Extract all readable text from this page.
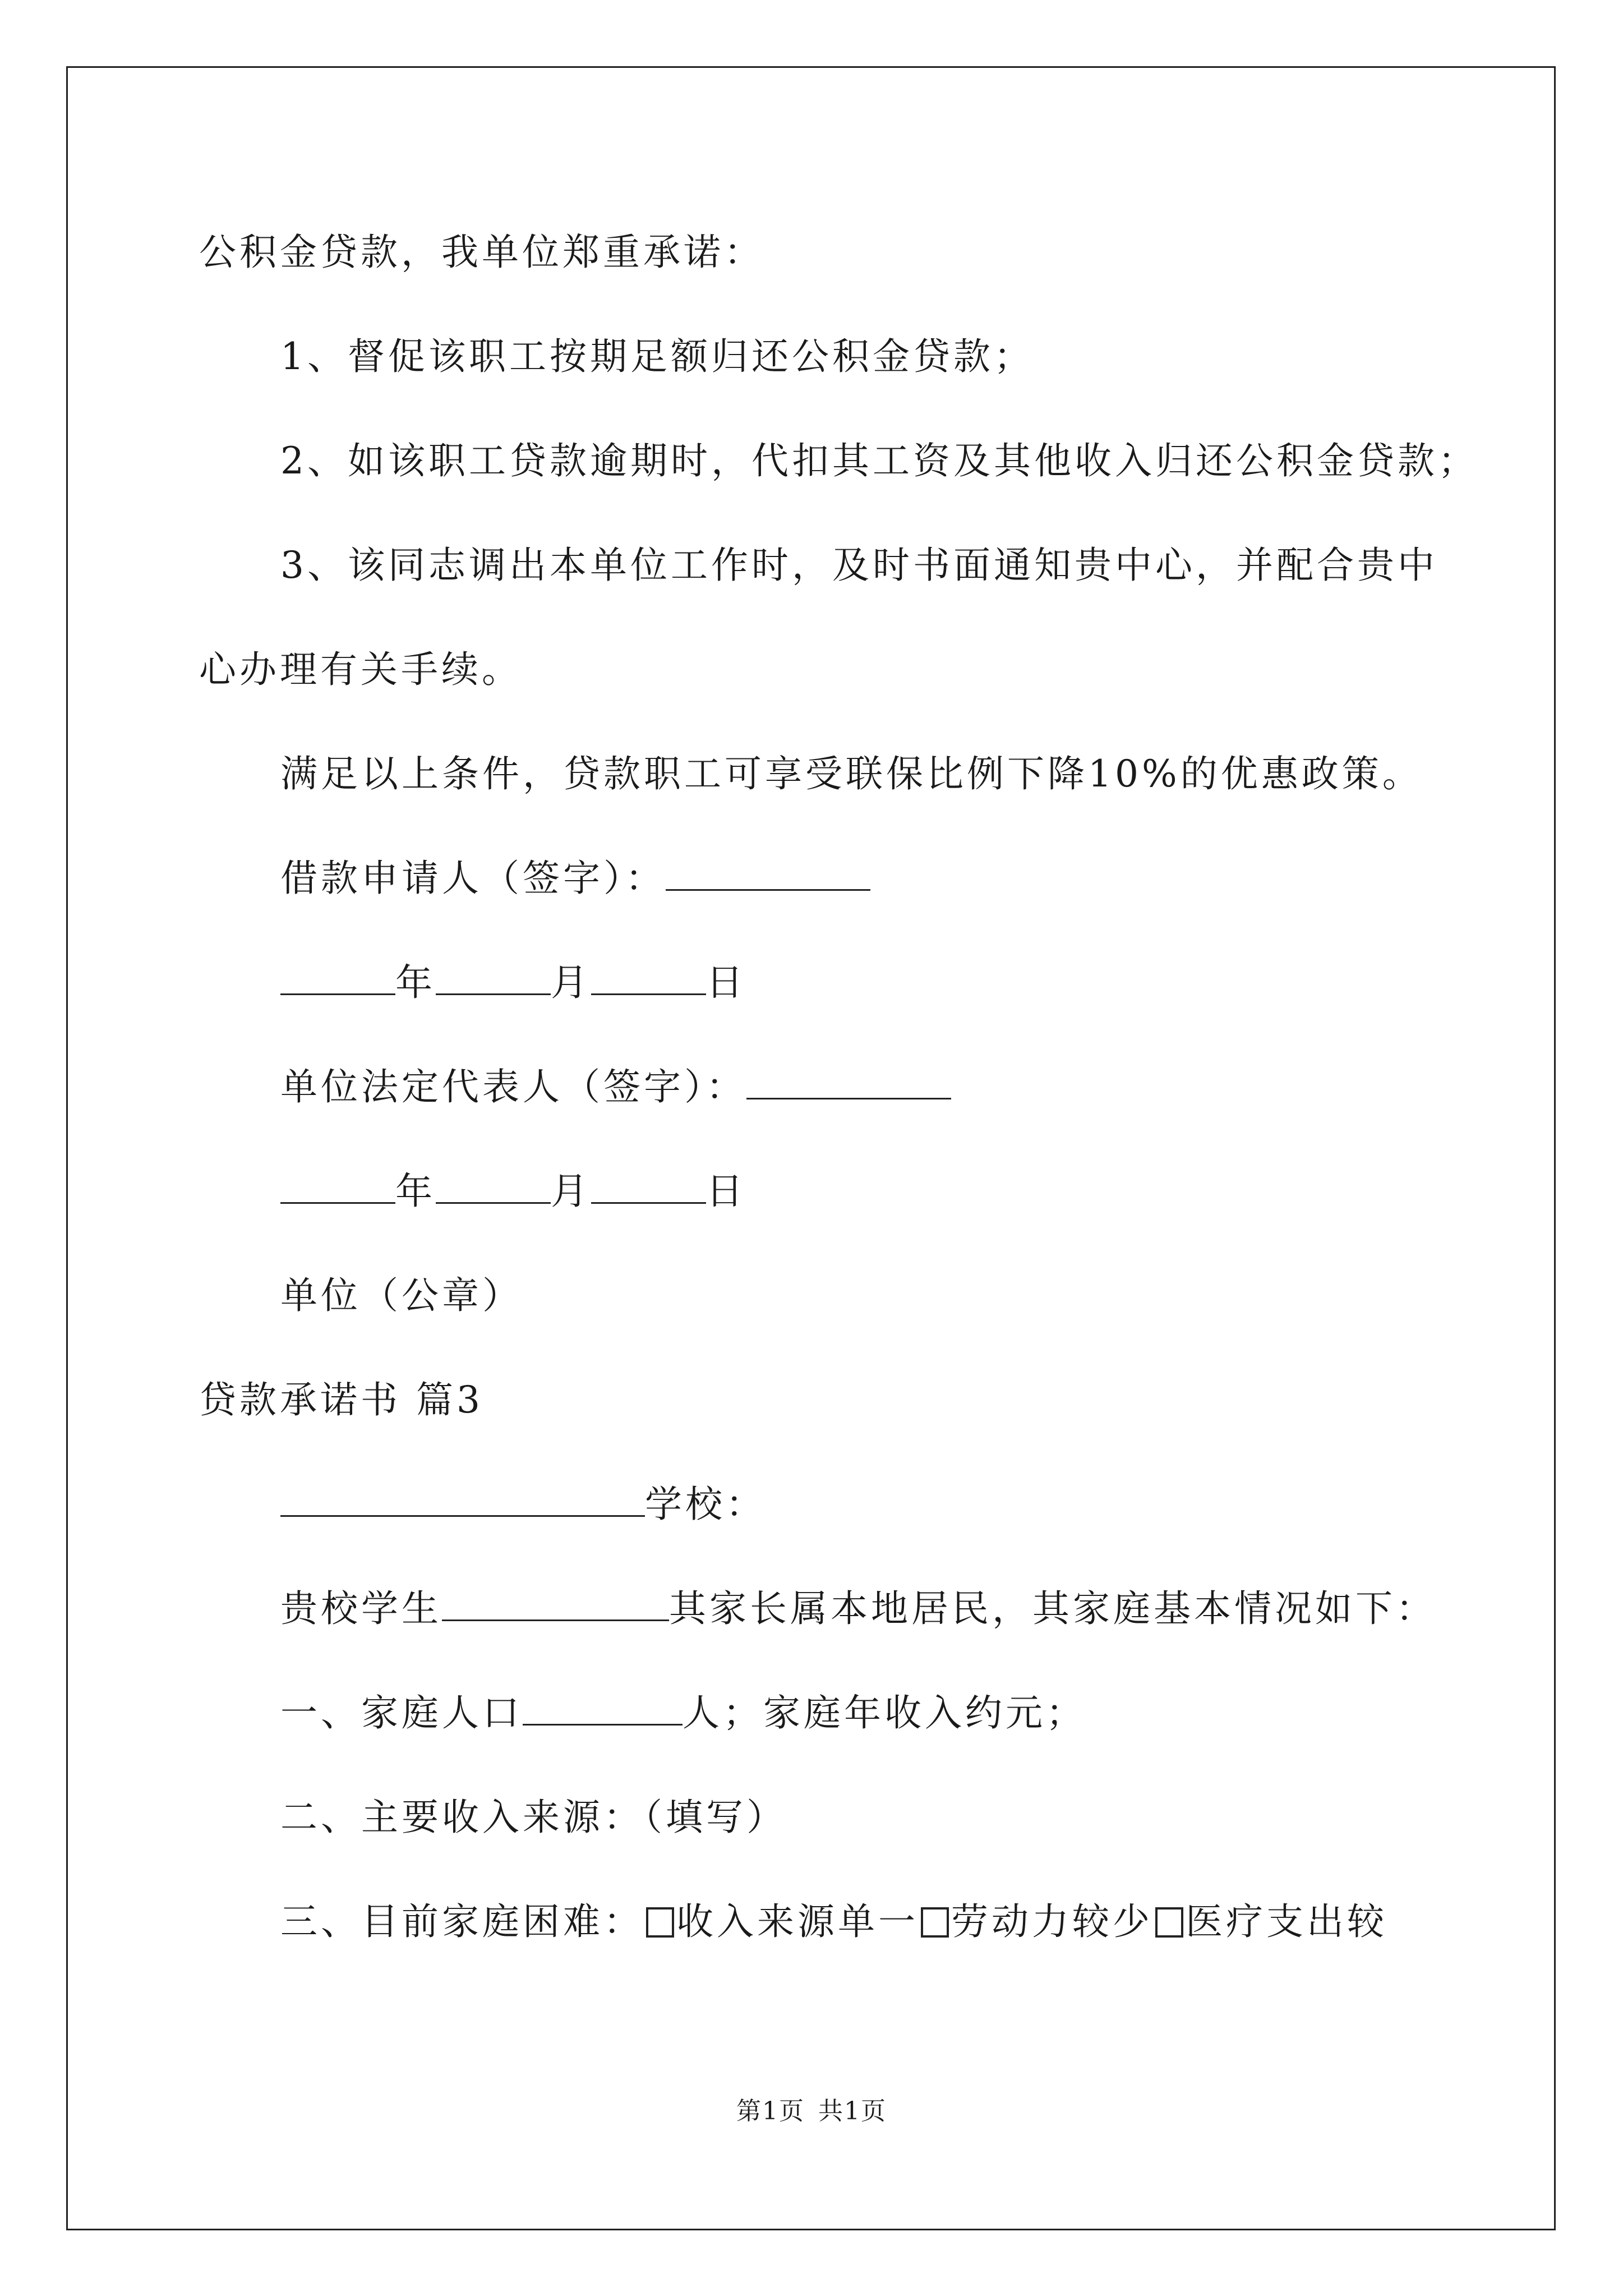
公积金贷款，我单位郑重承诺：
1、督促该职工按期足额归还公积金贷款；
2、如该职工贷款逾期时，代扣其工资及其他收入归还公积金贷款；
3、该同志调出本单位工作时，及时书面通知贵中心，并配合贵中
心办理有关手续。
满足以上条件，贷款职工可享受联保比例下降10%的优惠政策。
借款申请人（签字）：
年	月	日
单位法定代表人（签字）：
年	月	日
单位（公章）
贷款承诺书 篇3
学校：
贵校学生	其家长属本地居民，其家庭基本情况如下：
一、家庭人口	人；家庭年收入约元；
二、主要收入来源：（填写）
三、目前家庭困难： 收入来源单一 劳动力较少 医疗支出较
第1页 共1页
